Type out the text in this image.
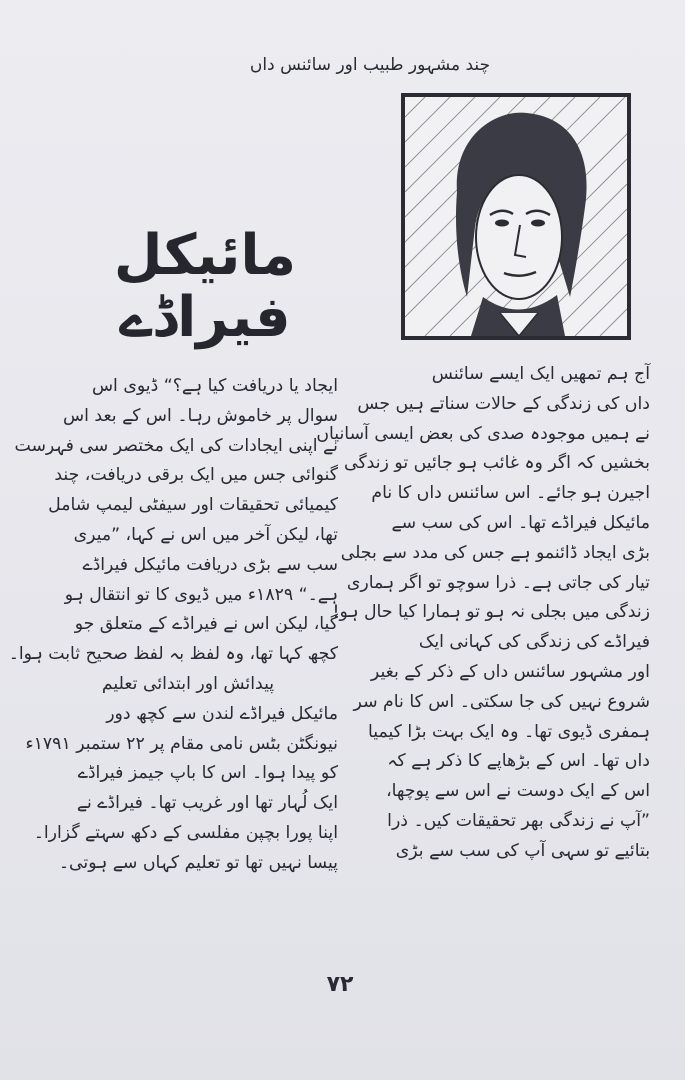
چند مشہور طبیب اور سائنس داں
مائیکل فیراڈے
آج ہم تمھیں ایک ایسے سائنس
داں کی زندگی کے حالات سناتے ہیں جس
نے ہمیں موجودہ صدی کی بعض ایسی آسانیاں
بخشیں کہ اگر وہ غائب ہو جائیں تو زندگی
اجیرن ہو جائے۔ اس سائنس داں کا نام
مائیکل فیراڈے تھا۔ اس کی سب سے
بڑی ایجاد ڈائنمو ہے جس کی مدد سے بجلی
تیار کی جاتی ہے۔ ذرا سوچو تو اگر ہماری
زندگی میں بجلی نہ ہو تو ہمارا کیا حال ہو!
فیراڈے کی زندگی کی کہانی ایک
اور مشہور سائنس داں کے ذکر کے بغیر
شروع نہیں کی جا سکتی۔ اس کا نام سر
ہمفری ڈیوی تھا۔ وہ ایک بہت بڑا کیمیا
داں تھا۔ اس کے بڑھاپے کا ذکر ہے کہ
اس کے ایک دوست نے اس سے پوچھا،
”آپ نے زندگی بھر تحقیقات کیں۔ ذرا
بتائیے تو سہی آپ کی سب سے بڑی
ایجاد یا دریافت کیا ہے؟“ ڈیوی اس
سوال پر خاموش رہا۔ اس کے بعد اس
نے اپنی ایجادات کی ایک مختصر سی فہرست
گنوائی جس میں ایک برقی دریافت، چند
کیمیائی تحقیقات اور سیفٹی لیمپ شامل
تھا، لیکن آخر میں اس نے کہا، ”میری
سب سے بڑی دریافت مائیکل فیراڈے
ہے۔“ ۱۸۲۹ء میں ڈیوی کا تو انتقال ہو
گیا، لیکن اس نے فیراڈے کے متعلق جو
کچھ کہا تھا، وہ لفظ بہ لفظ صحیح ثابت ہوا۔
پیدائش اور ابتدائی تعلیم
مائیکل فیراڈے لندن سے کچھ دور
نیونگٹن بٹس نامی مقام پر ۲۲ ستمبر ۱۷۹۱ء
کو پیدا ہوا۔ اس کا باپ جیمز فیراڈے
ایک لُہار تھا اور غریب تھا۔ فیراڈے نے
اپنا پورا بچپن مفلسی کے دکھ سہتے گزارا۔
پیسا نہیں تھا تو تعلیم کہاں سے ہوتی۔
۷۲
